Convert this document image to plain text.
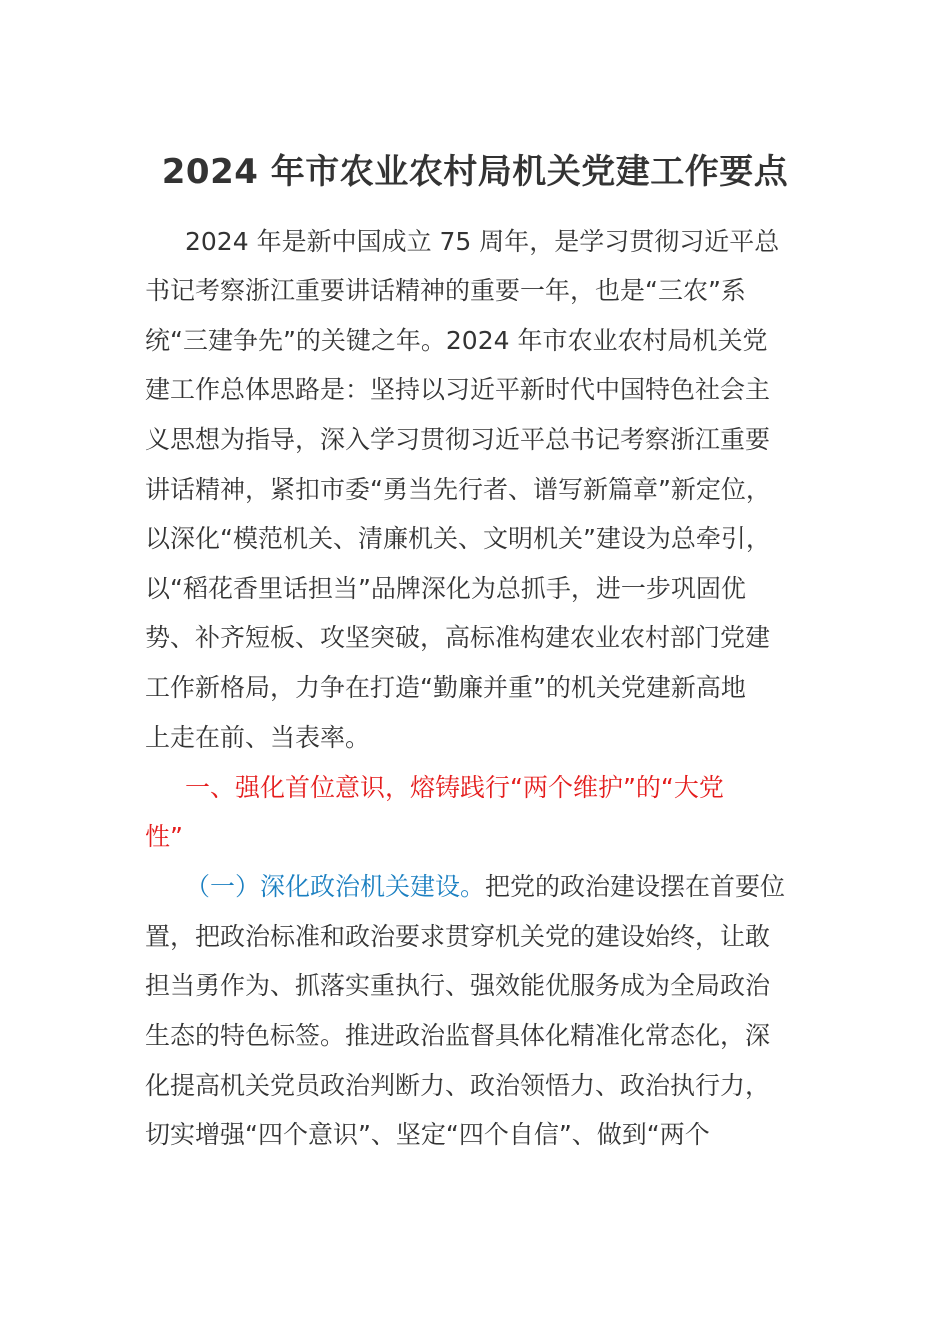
2024 年市农业农村局机关党建工作要点
2024 年是新中国成立 75 周年，是学习贯彻习近平总
书记考察浙江重要讲话精神的重要一年，也是“三农”系
统“三建争先”的关键之年。2024 年市农业农村局机关党
建工作总体思路是：坚持以习近平新时代中国特色社会主
义思想为指导，深入学习贯彻习近平总书记考察浙江重要
讲话精神，紧扣市委“勇当先行者、谱写新篇章”新定位，
以深化“模范机关、清廉机关、文明机关”建设为总牵引，
以“稻花香里话担当”品牌深化为总抓手，进一步巩固优
势、补齐短板、攻坚突破，高标准构建农业农村部门党建
工作新格局，力争在打造“勤廉并重”的机关党建新高地
上走在前、当表率。
一、强化首位意识，熔铸践行“两个维护”的“大党
性”
（一）深化政治机关建设。把党的政治建设摆在首要位
置，把政治标准和政治要求贯穿机关党的建设始终，让敢
担当勇作为、抓落实重执行、强效能优服务成为全局政治
生态的特色标签。推进政治监督具体化精准化常态化，深
化提高机关党员政治判断力、政治领悟力、政治执行力，
切实增强“四个意识”、坚定“四个自信”、做到“两个
